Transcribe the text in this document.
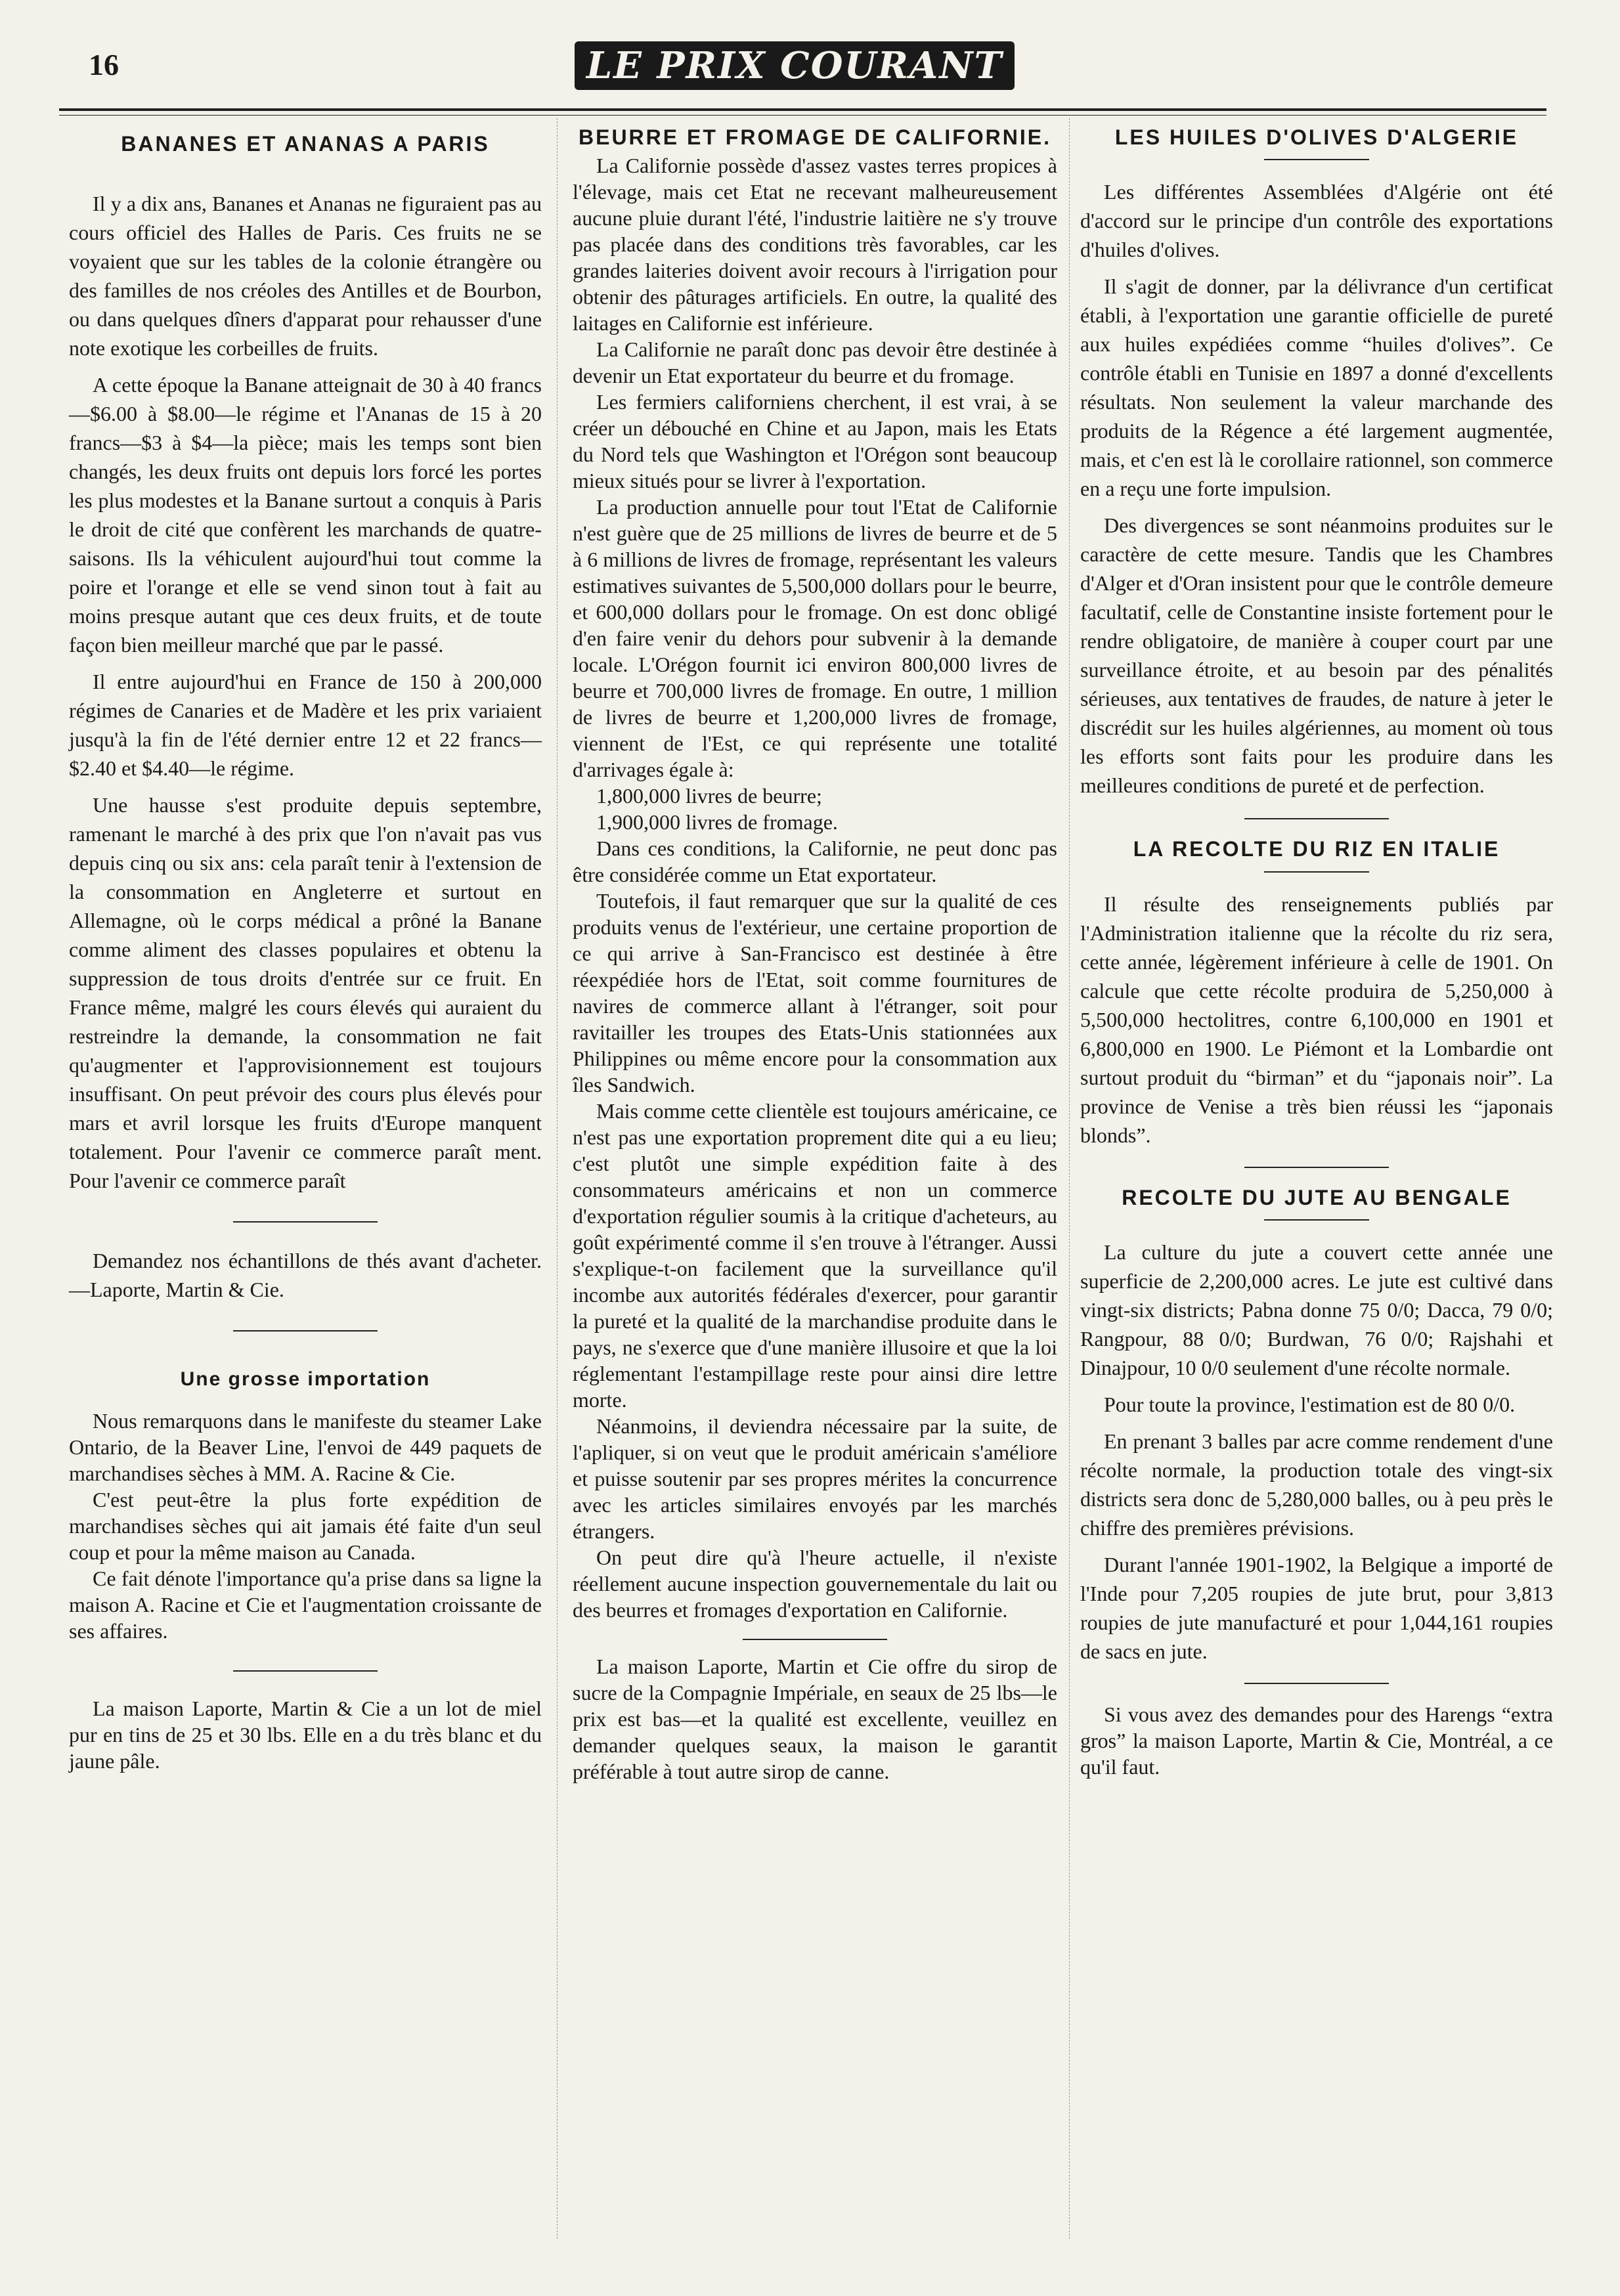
16	LE PRIX COURANT
BANANES ET ANANAS A PARIS

Il y a dix ans, Bananes et Ananas ne figuraient pas au cours officiel des Halles de Paris. Ces fruits ne se voyaient que sur les tables de la colonie étrangère ou des familles de nos créoles des Antilles et de Bourbon, ou dans quelques dîners d'apparat pour rehausser d'une note exotique les corbeilles de fruits.

A cette époque la Banane atteignait de 30 à 40 francs—$6.00 à $8.00—le régime et l'Ananas de 15 à 20 francs—$3 à $4—la pièce; mais les temps sont bien changés, les deux fruits ont depuis lors forcé les portes les plus modestes et la Banane surtout a conquis à Paris le droit de cité que confèrent les marchands de quatre-saisons. Ils la véhiculent aujourd'hui tout comme la poire et l'orange et elle se vend sinon tout à fait au moins presque autant que ces deux fruits, et de toute façon bien meilleur marché que par le passé.

Il entre aujourd'hui en France de 150 à 200,000 régimes de Canaries et de Madère et les prix variaient jusqu'à la fin de l'été dernier entre 12 et 22 francs—$2.40 et $4.40—le régime.

Une hausse s'est produite depuis septembre, ramenant le marché à des prix que l'on n'avait pas vus depuis cinq ou six ans: cela paraît tenir à l'extension de la consommation en Angleterre et surtout en Allemagne, où le corps médical a prôné la Banane comme aliment des classes populaires et obtenu la suppression de tous droits d'entrée sur ce fruit. En France même, malgré les cours élevés qui auraient du restreindre la demande, la consommation ne fait qu'augmenter et l'approvisionnement est toujours insuffisant. On peut prévoir des cours plus élevés pour mars et avril lorsque les fruits d'Europe manquent totalement. Pour l'avenir ce commerce paraît ment. Pour l'avenir ce commerce paraît

Demandez nos échantillons de thés avant d'acheter. —Laporte, Martin & Cie.

Une grosse importation

Nous remarquons dans le manifeste du steamer Lake Ontario, de la Beaver Line, l'envoi de 449 paquets de marchandises sèches à MM. A. Racine & Cie.

C'est peut-être la plus forte expédition de marchandises sèches qui ait jamais été faite d'un seul coup et pour la même maison au Canada.

Ce fait dénote l'importance qu'a prise dans sa ligne la maison A. Racine et Cie et l'augmentation croissante de ses affaires.

La maison Laporte, Martin & Cie a un lot de miel pur en tins de 25 et 30 lbs. Elle en a du très blanc et du jaune pâle.

BEURRE ET FROMAGE DE CALIFORNIE.

La Californie possède d'assez vastes terres propices à l'élevage, mais cet Etat ne recevant malheureusement aucune pluie durant l'été, l'industrie laitière ne s'y trouve pas placée dans des conditions très favorables, car les grandes laiteries doivent avoir recours à l'irrigation pour obtenir des pâturages artificiels. En outre, la qualité des laitages en Californie est inférieure.

La Californie ne paraît donc pas devoir être destinée à devenir un Etat exportateur du beurre et du fromage.

Les fermiers californiens cherchent, il est vrai, à se créer un débouché en Chine et au Japon, mais les Etats du Nord tels que Washington et l'Orégon sont beaucoup mieux situés pour se livrer à l'exportation.

La production annuelle pour tout l'Etat de Californie n'est guère que de 25 millions de livres de beurre et de 5 à 6 millions de livres de fromage, représentant les valeurs estimatives suivantes de 5,500,000 dollars pour le beurre, et 600,000 dollars pour le fromage. On est donc obligé d'en faire venir du dehors pour subvenir à la demande locale. L'Orégon fournit ici environ 800,000 livres de beurre et 700,000 livres de fromage. En outre, 1 million de livres de beurre et 1,200,000 livres de fromage, viennent de l'Est, ce qui représente une totalité d'arrivages égale à:

1,800,000 livres de beurre;

1,900,000 livres de fromage.

Dans ces conditions, la Californie, ne peut donc pas être considérée comme un Etat exportateur.

Toutefois, il faut remarquer que sur la qualité de ces produits venus de l'extérieur, une certaine proportion de ce qui arrive à San-Francisco est destinée à être réexpédiée hors de l'Etat, soit comme fournitures de navires de commerce allant à l'étranger, soit pour ravitailler les troupes des Etats-Unis stationnées aux Philippines ou même encore pour la consommation aux îles Sandwich.

Mais comme cette clientèle est toujours américaine, ce n'est pas une exportation proprement dite qui a eu lieu; c'est plutôt une simple expédition faite à des consommateurs américains et non un commerce d'exportation régulier soumis à la critique d'acheteurs, au goût expérimenté comme il s'en trouve à l'étranger. Aussi s'explique-t-on facilement que la surveillance qu'il incombe aux autorités fédérales d'exercer, pour garantir la pureté et la qualité de la marchandise produite dans le pays, ne s'exerce que d'une manière illusoire et que la loi réglementant l'estampillage reste pour ainsi dire lettre morte.

Néanmoins, il deviendra nécessaire par la suite, de l'apliquer, si on veut que le produit américain s'améliore et puisse soutenir par ses propres mérites la concurrence avec les articles similaires envoyés par les marchés étrangers.

On peut dire qu'à l'heure actuelle, il n'existe réellement aucune inspection gouvernementale du lait ou des beurres et fromages d'exportation en Californie.

La maison Laporte, Martin et Cie offre du sirop de sucre de la Compagnie Impériale, en seaux de 25 lbs—le prix est bas—et la qualité est excellente, veuillez en demander quelques seaux, la maison le garantit préférable à tout autre sirop de canne.

LES HUILES D'OLIVES D'ALGERIE

Les différentes Assemblées d'Algérie ont été d'accord sur le principe d'un contrôle des exportations d'huiles d'olives.

Il s'agit de donner, par la délivrance d'un certificat établi, à l'exportation une garantie officielle de pureté aux huiles expédiées comme “huiles d'olives”. Ce contrôle établi en Tunisie en 1897 a donné d'excellents résultats. Non seulement la valeur marchande des produits de la Régence a été largement augmentée, mais, et c'en est là le corollaire rationnel, son commerce en a reçu une forte impulsion.

Des divergences se sont néanmoins produites sur le caractère de cette mesure. Tandis que les Chambres d'Alger et d'Oran insistent pour que le contrôle demeure facultatif, celle de Constantine insiste fortement pour le rendre obligatoire, de manière à couper court par une surveillance étroite, et au besoin par des pénalités sérieuses, aux tentatives de fraudes, de nature à jeter le discrédit sur les huiles algériennes, au moment où tous les efforts sont faits pour les produire dans les meilleures conditions de pureté et de perfection.

LA RECOLTE DU RIZ EN ITALIE

Il résulte des renseignements publiés par l'Administration italienne que la récolte du riz sera, cette année, légèrement inférieure à celle de 1901. On calcule que cette récolte produira de 5,250,000 à 5,500,000 hectolitres, contre 6,100,000 en 1901 et 6,800,000 en 1900. Le Piémont et la Lombardie ont surtout produit du “birman” et du “japonais noir”. La province de Venise a très bien réussi les “japonais blonds”.

RECOLTE DU JUTE AU BENGALE

La culture du jute a couvert cette année une superficie de 2,200,000 acres. Le jute est cultivé dans vingt-six districts; Pabna donne 75 0/0; Dacca, 79 0/0; Rangpour, 88 0/0; Burdwan, 76 0/0; Rajshahi et Dinajpour, 10 0/0 seulement d'une récolte normale.

Pour toute la province, l'estimation est de 80 0/0.

En prenant 3 balles par acre comme rendement d'une récolte normale, la production totale des vingt-six districts sera donc de 5,280,000 balles, ou à peu près le chiffre des premières prévisions.

Durant l'année 1901-1902, la Belgique a importé de l'Inde pour 7,205 roupies de jute brut, pour 3,813 roupies de jute manufacturé et pour 1,044,161 roupies de sacs en jute.

Si vous avez des demandes pour des Harengs “extra gros” la maison Laporte, Martin & Cie, Montréal, a ce qu'il faut.
